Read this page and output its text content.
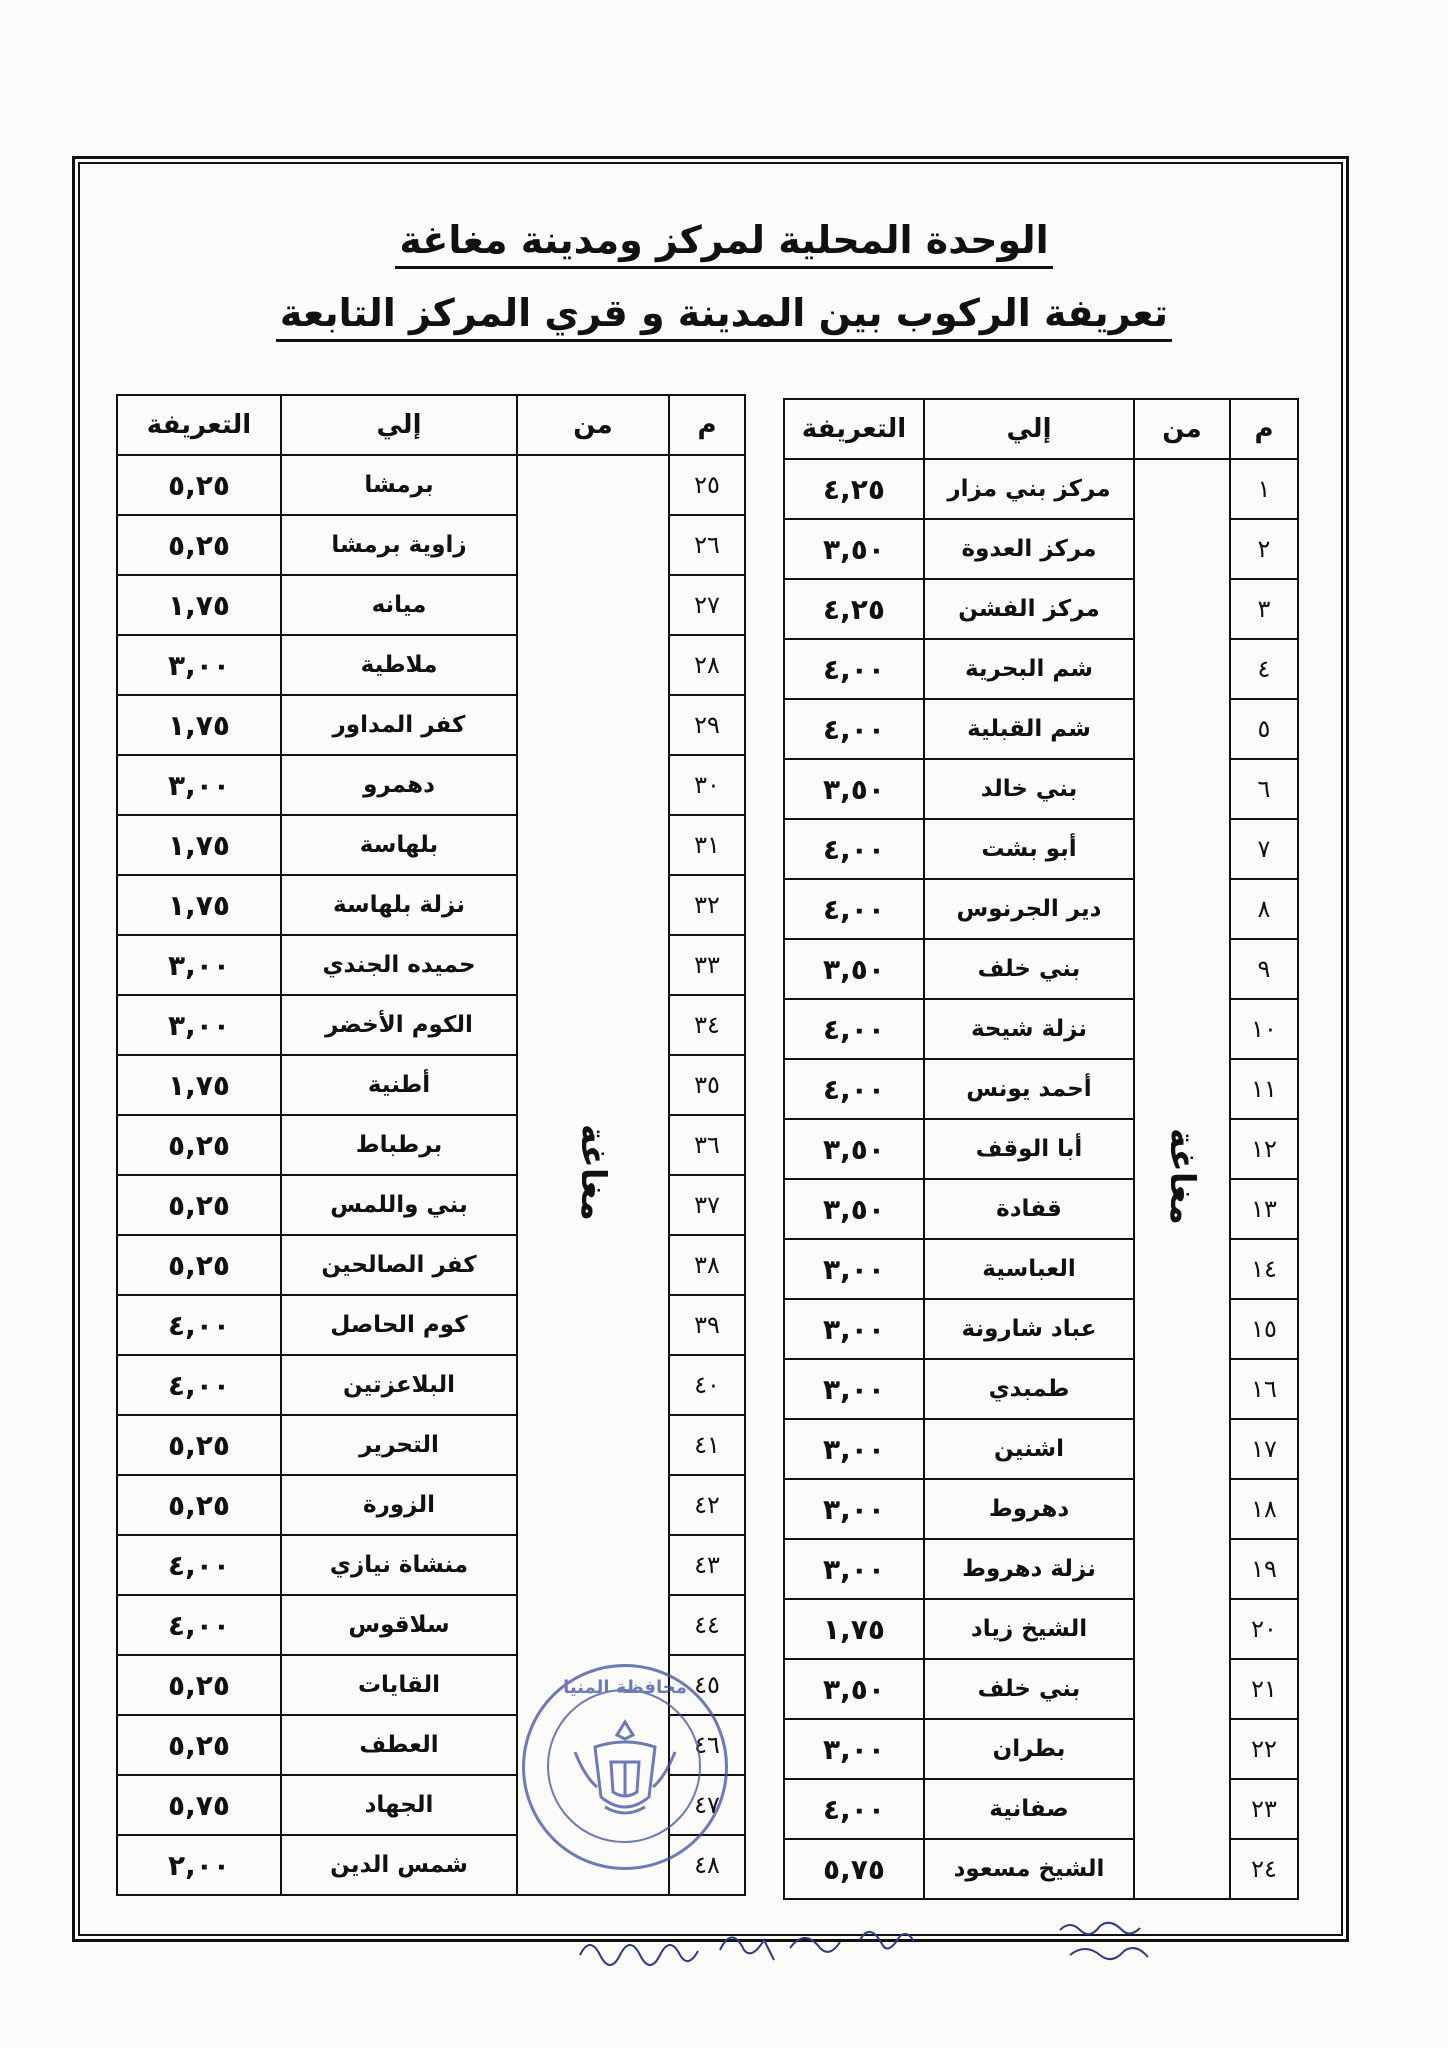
الوحدة المحلية لمركز ومدينة مغاغة
تعريفة الركوب بين المدينة و قري المركز التابعة
م	من	إلي	التعريفة
١	مغاغة	مركز بني مزار	٤,٢٥
٢		مركز العدوة	٣,٥٠
٣		مركز الفشن	٤,٢٥
٤		شم البحرية	٤,٠٠
٥		شم القبلية	٤,٠٠
٦		بني خالد	٣,٥٠
٧		أبو بشت	٤,٠٠
٨		دير الجرنوس	٤,٠٠
٩		بني خلف	٣,٥٠
١٠		نزلة شيحة	٤,٠٠
١١		أحمد يونس	٤,٠٠
١٢		أبا الوقف	٣,٥٠
١٣		قفادة	٣,٥٠
١٤		العباسية	٣,٠٠
١٥		عباد شارونة	٣,٠٠
١٦		طمبدي	٣,٠٠
١٧		اشنين	٣,٠٠
١٨		دهروط	٣,٠٠
١٩		نزلة دهروط	٣,٠٠
٢٠		الشيخ زياد	١,٧٥
٢١		بني خلف	٣,٥٠
٢٢		بطران	٣,٠٠
٢٣		صفانية	٤,٠٠
٢٤		الشيخ مسعود	٥,٧٥
م	من	إلي	التعريفة
٢٥	مغاغة	برمشا	٥,٢٥
٢٦		زاوية برمشا	٥,٢٥
٢٧		ميانه	١,٧٥
٢٨		ملاطية	٣,٠٠
٢٩		كفر المداور	١,٧٥
٣٠		دهمرو	٣,٠٠
٣١		بلهاسة	١,٧٥
٣٢		نزلة بلهاسة	١,٧٥
٣٣		حميده الجندي	٣,٠٠
٣٤		الكوم الأخضر	٣,٠٠
٣٥		أطنية	١,٧٥
٣٦		برطباط	٥,٢٥
٣٧		بني واللمس	٥,٢٥
٣٨		كفر الصالحين	٥,٢٥
٣٩		كوم الحاصل	٤,٠٠
٤٠		البلاعزتين	٤,٠٠
٤١		التحرير	٥,٢٥
٤٢		الزورة	٥,٢٥
٤٣		منشاة نيازي	٤,٠٠
٤٤		سلاقوس	٤,٠٠
٤٥		القايات	٥,٢٥
٤٦		العطف	٥,٢٥
٤٧		الجهاد	٥,٧٥
٤٨		شمس الدين	٢,٠٠
محافظة المنيا
